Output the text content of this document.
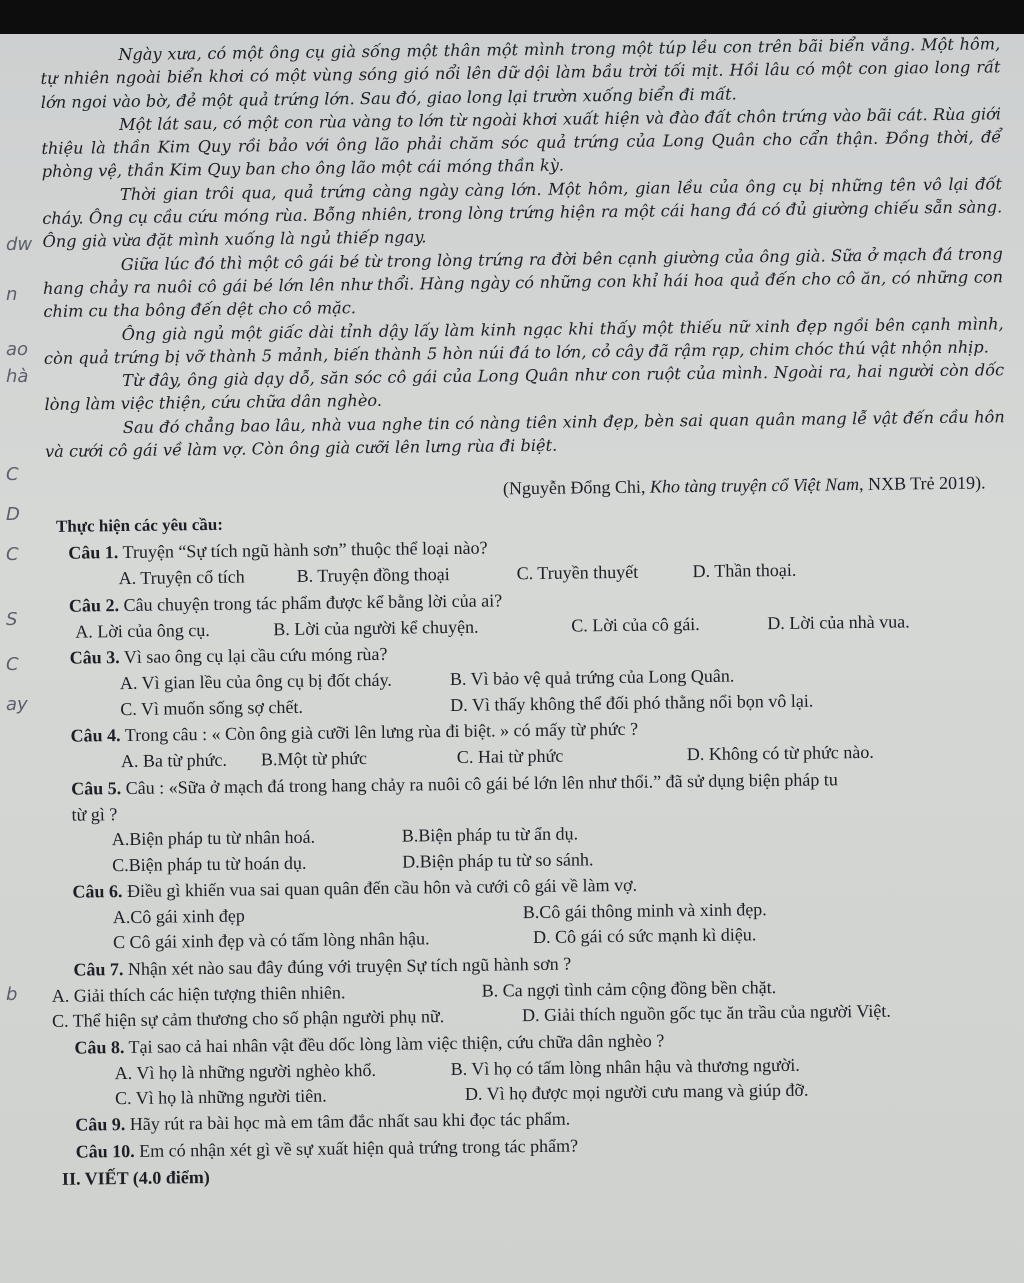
dw
n
ao
hà
C
D
C
S
C
ay
b

Ngày xưa, có một ông cụ già sống một thân một mình trong một túp lều con trên bãi biển vắng. Một hôm, tự nhiên ngoài biển khơi có một vùng sóng gió nổi lên dữ dội làm bầu trời tối mịt. Hồi lâu có một con giao long rất lớn ngoi vào bờ, đẻ một quả trứng lớn. Sau đó, giao long lại trườn xuống biển đi mất.

Một lát sau, có một con rùa vàng to lớn từ ngoài khơi xuất hiện và đào đất chôn trứng vào bãi cát. Rùa giới thiệu là thần Kim Quy rồi bảo với ông lão phải chăm sóc quả trứng của Long Quân cho cẩn thận. Đồng thời, để phòng vệ, thần Kim Quy ban cho ông lão một cái móng thần kỳ.

Thời gian trôi qua, quả trứng càng ngày càng lớn. Một hôm, gian lều của ông cụ bị những tên vô lại đốt cháy. Ông cụ cầu cứu móng rùa. Bỗng nhiên, trong lòng trứng hiện ra một cái hang đá có đủ giường chiếu sẵn sàng. Ông già vừa đặt mình xuống là ngủ thiếp ngay.

Giữa lúc đó thì một cô gái bé từ trong lòng trứng ra đời bên cạnh giường của ông già. Sữa ở mạch đá trong hang chảy ra nuôi cô gái bé lớn lên như thổi. Hàng ngày có những con khỉ hái hoa quả đến cho cô ăn, có những con chim cu tha bông đến dệt cho cô mặc.

Ông già ngủ một giấc dài tỉnh dậy lấy làm kinh ngạc khi thấy một thiếu nữ xinh đẹp ngồi bên cạnh mình, còn quả trứng bị vỡ thành 5 mảnh, biến thành 5 hòn núi đá to lớn, cỏ cây đã rậm rạp, chim chóc thú vật nhộn nhịp.

Từ đây, ông già dạy dỗ, săn sóc cô gái của Long Quân như con ruột của mình. Ngoài ra, hai người còn dốc lòng làm việc thiện, cứu chữa dân nghèo.

Sau đó chẳng bao lâu, nhà vua nghe tin có nàng tiên xinh đẹp, bèn sai quan quân mang lễ vật đến cầu hôn và cưới cô gái về làm vợ. Còn ông già cưỡi lên lưng rùa đi biệt.

(Nguyễn Đổng Chi, Kho tàng truyện cổ Việt Nam, NXB Trẻ 2019).
Thực hiện các yêu cầu:
Câu 1. Truyện “Sự tích ngũ hành sơn” thuộc thể loại nào?
A. Truyện cổ tích	B. Truyện đồng thoại	C. Truyền thuyết	D. Thần thoại.
Câu 2. Câu chuyện trong tác phẩm được kể bằng lời của ai?
A. Lời của ông cụ.	B. Lời của người kể chuyện.	C. Lời của cô gái.	D. Lời của nhà vua.
Câu 3. Vì sao ông cụ lại cầu cứu móng rùa?
A. Vì gian lều của ông cụ bị đốt cháy.	B. Vì bảo vệ quả trứng của Long Quân.
C. Vì muốn sống sợ chết.	D. Vì thấy không thể đối phó thằng nổi bọn vô lại.
Câu 4. Trong câu : « Còn ông già cưỡi lên lưng rùa đi biệt. » có mấy từ phức ?
A. Ba từ phức.	B.Một từ phức	C. Hai từ phức	D. Không có từ phức nào.
Câu 5. Câu : «Sữa ở mạch đá trong hang chảy ra nuôi cô gái bé lớn lên như thổi.” đã sử dụng biện pháp tu
từ gì ?
A.Biện pháp tu từ nhân hoá.	B.Biện pháp tu từ ẩn dụ.
C.Biện pháp tu từ hoán dụ.	D.Biện pháp tu từ so sánh.
Câu 6. Điều gì khiến vua sai quan quân đến cầu hôn và cưới cô gái về làm vợ.
A.Cô gái xinh đẹp	B.Cô gái thông minh và xinh đẹp.
C Cô gái xinh đẹp và có tấm lòng nhân hậu.	D. Cô gái có sức mạnh kì diệu.
Câu 7. Nhận xét nào sau đây đúng với truyện Sự tích ngũ hành sơn ?
A. Giải thích các hiện tượng thiên nhiên.	B. Ca ngợi tình cảm cộng đồng bền chặt.
C. Thể hiện sự cảm thương cho số phận người phụ nữ.	D. Giải thích nguồn gốc tục ăn trầu của người Việt.
Câu 8. Tại sao cả hai nhân vật đều dốc lòng làm việc thiện, cứu chữa dân nghèo ?
A. Vì họ là những người nghèo khổ.	B. Vì họ có tấm lòng nhân hậu và thương người.
C. Vì họ là những người tiên.	D. Vì họ được mọi người cưu mang và giúp đỡ.
Câu 9. Hãy rút ra bài học mà em tâm đắc nhất sau khi đọc tác phẩm.
Câu 10. Em có nhận xét gì về sự xuất hiện quả trứng trong tác phẩm?
II. VIẾT (4.0 điểm)
